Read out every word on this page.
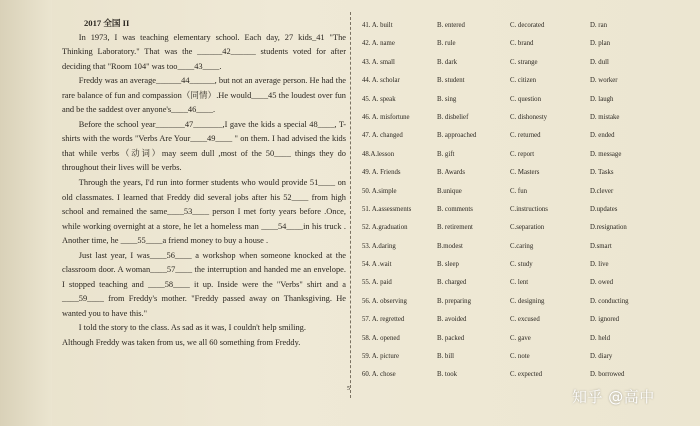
2017 全国 II

In 1973, I was teaching elementary school. Each day, 27 kids_41 "The Thinking Laboratory." That was the ______42______ students voted for after deciding that "Room 104" was too____43____.

Freddy was an average______44______, but not an average person. He had the rare balance of fun and compassion（同情）.He would____45 the loudest over fun and be the saddest over anyone's____46____.

Before the school year_______47_______,I gave the kids a special 48____, T-shirts with the words "Verbs Are Your____49____ " on them. I had advised the kids that while verbs（动词）may seem dull ,most of the 50____ things they do throughout their lives will be verbs.

Through the years, I'd run into former students who would provide 51____ on old classmates. I learned that Freddy did several jobs after his 52____ from high school and remained the same____53____ person I met forty years before .Once, while working overnight at a store, he let a homeless man ____54____in his truck . Another time, he ____55____a friend money to buy a house .

Just last year, I was____56____ a workshop when someone knocked at the classroom door. A woman____57____ the interruption and handed me an envelope. I stopped teaching and ____58____ it up. Inside were the "Verbs" shirt and a ____59____ from Freddy's mother. "Freddy passed away on Thanksgiving. He wanted you to have this."

I told the story to the class. As sad as it was, I couldn't help smiling.

Although Freddy was taken from us, we all 60 something from Freddy.

5
41. A. built	B. entered	C. decorated	D. ran
42. A. name	B. rule	C. brand	D. plan
43. A. small	B. dark	C. strange	D. dull
44. A. scholar	B. student	C. citizen	D. worker
45. A. speak	B. sing	C. question	D. laugh
46. A. misfortune	B. disbelief	C. dishonesty	D. mistake
47. A. changed	B. approached	C. returned	D. ended
48.A.lesson	B. gift	C. report	D. message
49. A. Friends	B. Awards	C. Masters	D. Tasks
50. A.simple	B.unique	C. fun	D.clever
51. A.assessments	B. comments	C.instructions	D.updates
52. A.graduation	B. retirement	C.separation	D.resignation
53. A.daring	B.modest	C.caring	D.smart
54. A .wait	B. sleep	C. study	D. live
55. A. paid	B. charged	C. lent	D. owed
56. A. observing	B. preparing	C. designing	D. conducting
57. A. regretted	B. avoided	C. excused	D. ignored
58. A. opened	B. packed	C. gave	D. held
59. A. picture	B. bill	C. note	D. diary
60. A. chose	B. took	C. expected	D. borrowed
知乎 @高中
